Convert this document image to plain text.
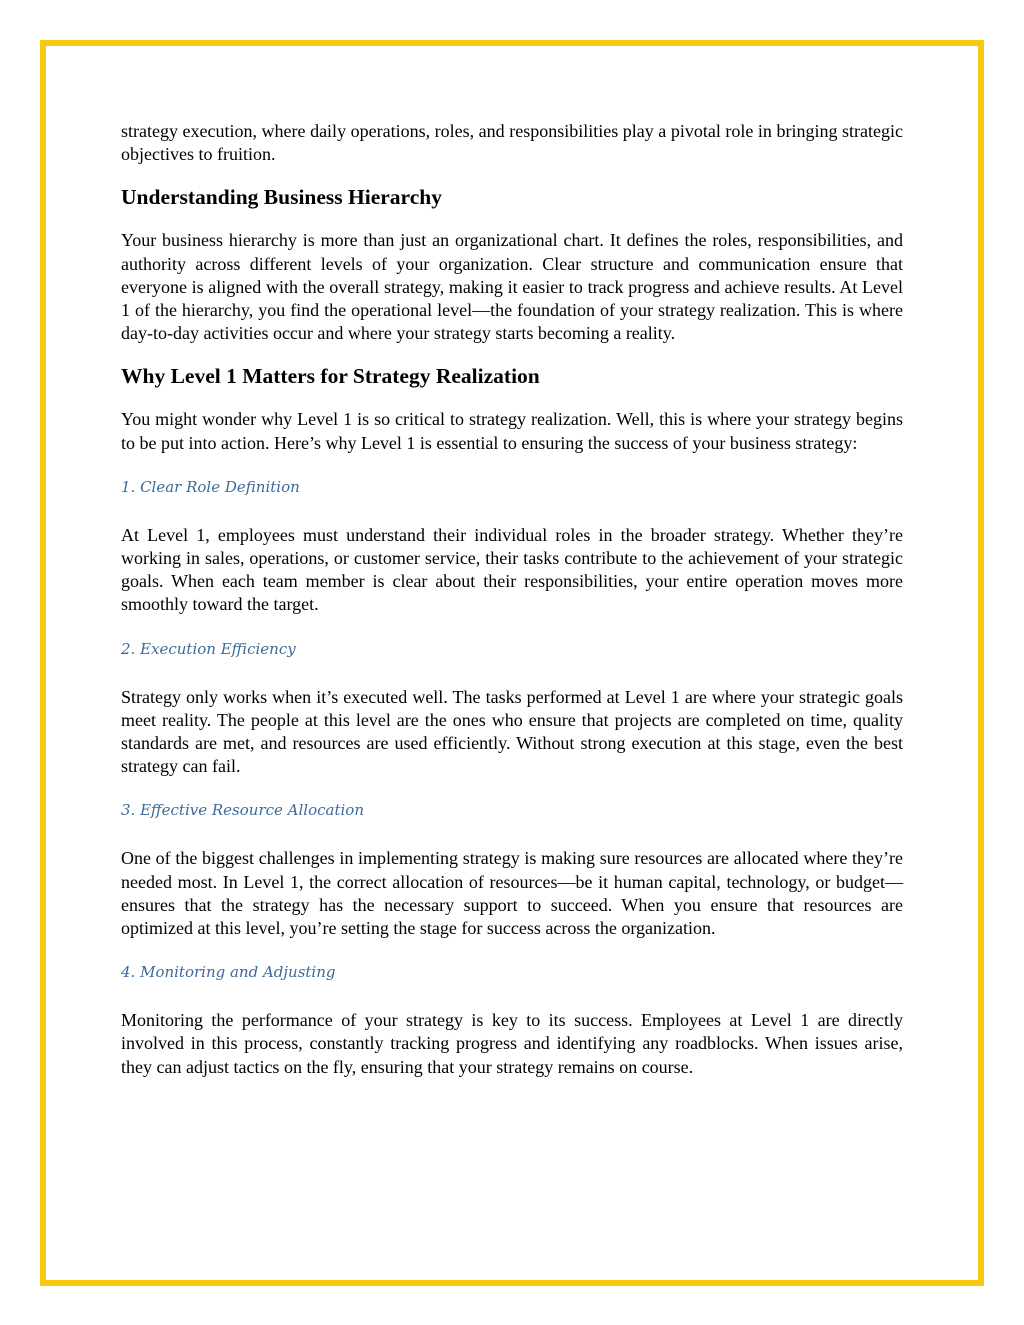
strategy execution, where daily operations, roles, and responsibilities play a pivotal role in bringing strategic objectives to fruition.

Understanding Business Hierarchy

Your business hierarchy is more than just an organizational chart. It defines the roles, responsibilities, and authority across different levels of your organization. Clear structure and communication ensure that everyone is aligned with the overall strategy, making it easier to track progress and achieve results. At Level 1 of the hierarchy, you find the operational level—the foundation of your strategy realization. This is where day-to-day activities occur and where your strategy starts becoming a reality.

Why Level 1 Matters for Strategy Realization

You might wonder why Level 1 is so critical to strategy realization. Well, this is where your strategy begins to be put into action. Here’s why Level 1 is essential to ensuring the success of your business strategy:

1. Clear Role Definition

At Level 1, employees must understand their individual roles in the broader strategy. Whether they’re working in sales, operations, or customer service, their tasks contribute to the achievement of your strategic goals. When each team member is clear about their responsibilities, your entire operation moves more smoothly toward the target.

2. Execution Efficiency

Strategy only works when it’s executed well. The tasks performed at Level 1 are where your strategic goals meet reality. The people at this level are the ones who ensure that projects are completed on time, quality standards are met, and resources are used efficiently. Without strong execution at this stage, even the best strategy can fail.

3. Effective Resource Allocation

One of the biggest challenges in implementing strategy is making sure resources are allocated where they’re needed most. In Level 1, the correct allocation of resources—be it human capital, technology, or budget—ensures that the strategy has the necessary support to succeed. When you ensure that resources are optimized at this level, you’re setting the stage for success across the organization.

4. Monitoring and Adjusting

Monitoring the performance of your strategy is key to its success. Employees at Level 1 are directly involved in this process, constantly tracking progress and identifying any roadblocks. When issues arise, they can adjust tactics on the fly, ensuring that your strategy remains on course.
